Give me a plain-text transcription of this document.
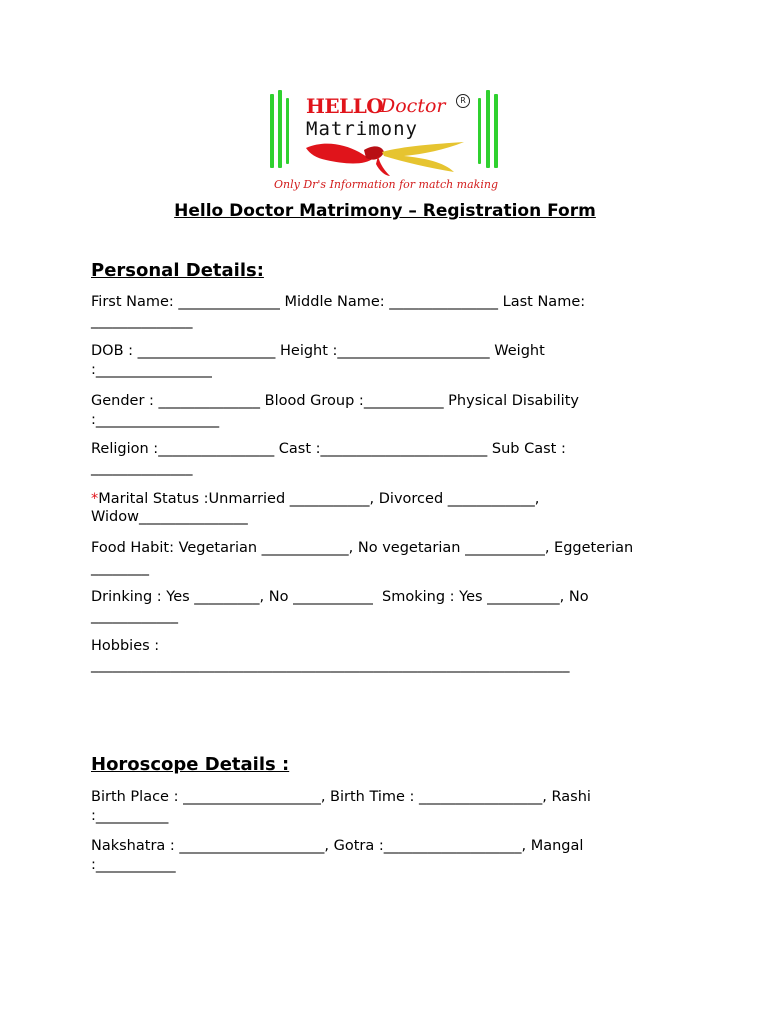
HELLO
Doctor	R
Matrimony
Only Dr's Information for match making
Hello Doctor Matrimony – Registration Form
Personal Details:
First Name: ______________ Middle Name: _______________ Last Name:
______________
DOB : ___________________ Height :_____________________ Weight
:________________
Gender : ______________ Blood Group :___________ Physical Disability
:_________________
Religion :________________ Cast :_______________________ Sub Cast :
______________
*Marital Status :Unmarried ___________, Divorced ____________,
Widow_______________
Food Habit: Vegetarian ____________, No vegetarian ___________, Eggeterian
________
Drinking : Yes _________, No ___________  Smoking : Yes __________, No
____________
Hobbies :
__________________________________________________________________
Horoscope Details :
Birth Place : ___________________, Birth Time : _________________, Rashi
:__________
Nakshatra : ____________________, Gotra :___________________, Mangal
:___________
